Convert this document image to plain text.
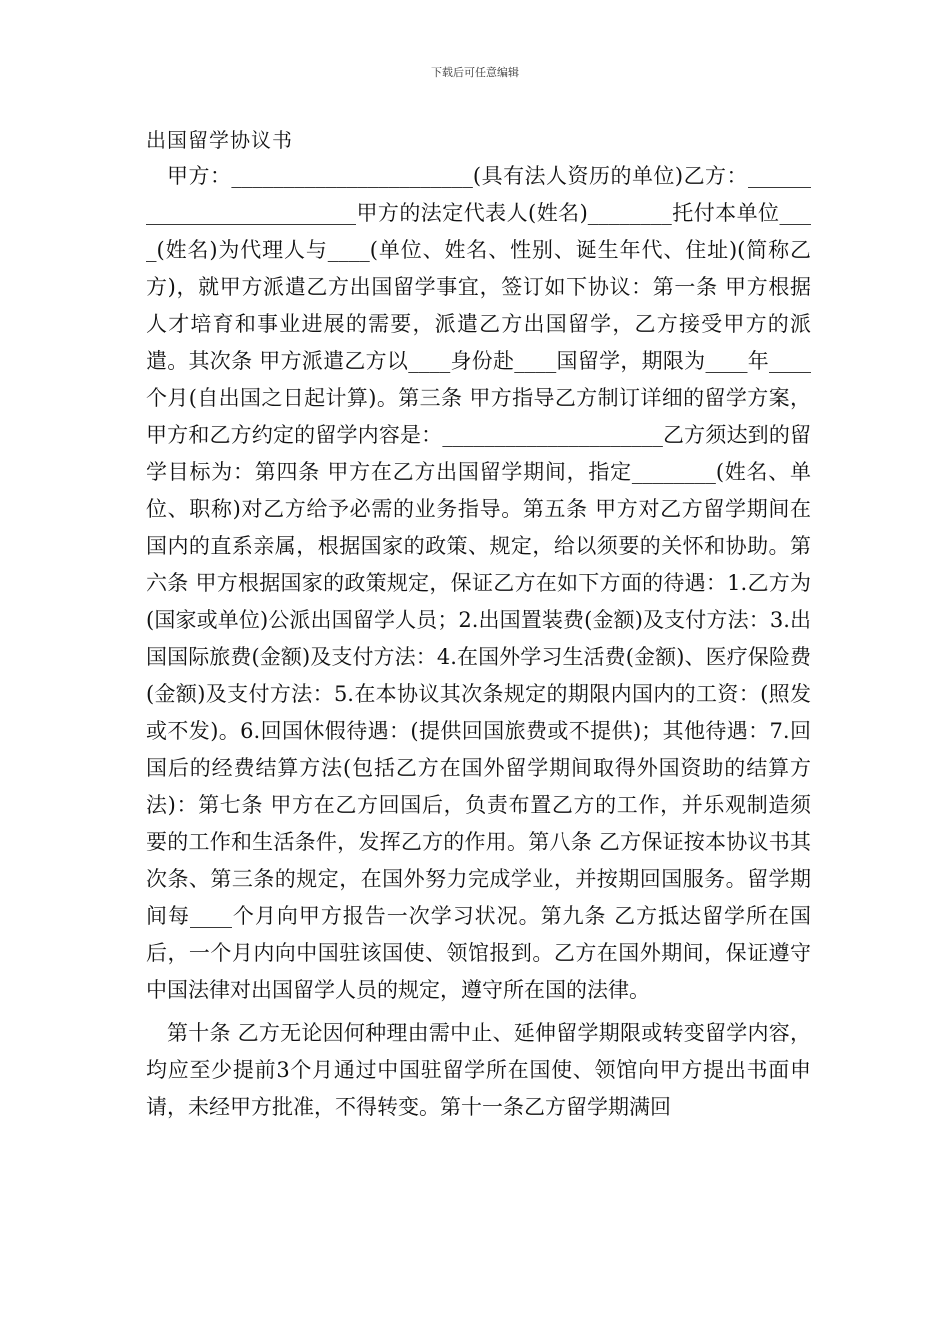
下载后可任意编辑
出国留学协议书

甲方：_______________________(具有法人资历的单位)乙方：__________________________甲方的法定代表人(姓名)________托付本单位____(姓名)为代理人与____(单位、姓名、性别、诞生年代、住址)(简称乙方)，就甲方派遣乙方出国留学事宜，签订如下协议：第一条 甲方根据人才培育和事业进展的需要，派遣乙方出国留学，乙方接受甲方的派遣。其次条 甲方派遣乙方以____身份赴____国留学，期限为____年____个月(自出国之日起计算)。第三条 甲方指导乙方制订详细的留学方案，甲方和乙方约定的留学内容是：_____________________乙方须达到的留学目标为：第四条 甲方在乙方出国留学期间，指定________(姓名、单位、职称)对乙方给予必需的业务指导。第五条 甲方对乙方留学期间在国内的直系亲属，根据国家的政策、规定，给以须要的关怀和协助。第六条 甲方根据国家的政策规定，保证乙方在如下方面的待遇：1.乙方为(国家或单位)公派出国留学人员；2.出国置装费(金额)及支付方法：3.出国国际旅费(金额)及支付方法：4.在国外学习生活费(金额)、医疗保险费(金额)及支付方法：5.在本协议其次条规定的期限内国内的工资：(照发或不发)。6.回国休假待遇：(提供回国旅费或不提供)；其他待遇：7.回国后的经费结算方法(包括乙方在国外留学期间取得外国资助的结算方法)：第七条 甲方在乙方回国后，负责布置乙方的工作，并乐观制造须要的工作和生活条件，发挥乙方的作用。第八条 乙方保证按本协议书其次条、第三条的规定，在国外努力完成学业，并按期回国服务。留学期间每____个月向甲方报告一次学习状况。第九条 乙方抵达留学所在国后，一个月内向中国驻该国使、领馆报到。乙方在国外期间，保证遵守中国法律对出国留学人员的规定，遵守所在国的法律。

第十条 乙方无论因何种理由需中止、延伸留学期限或转变留学内容，均应至少提前3个月通过中国驻留学所在国使、领馆向甲方提出书面申请，未经甲方批准，不得转变。第十一条乙方留学期满回
